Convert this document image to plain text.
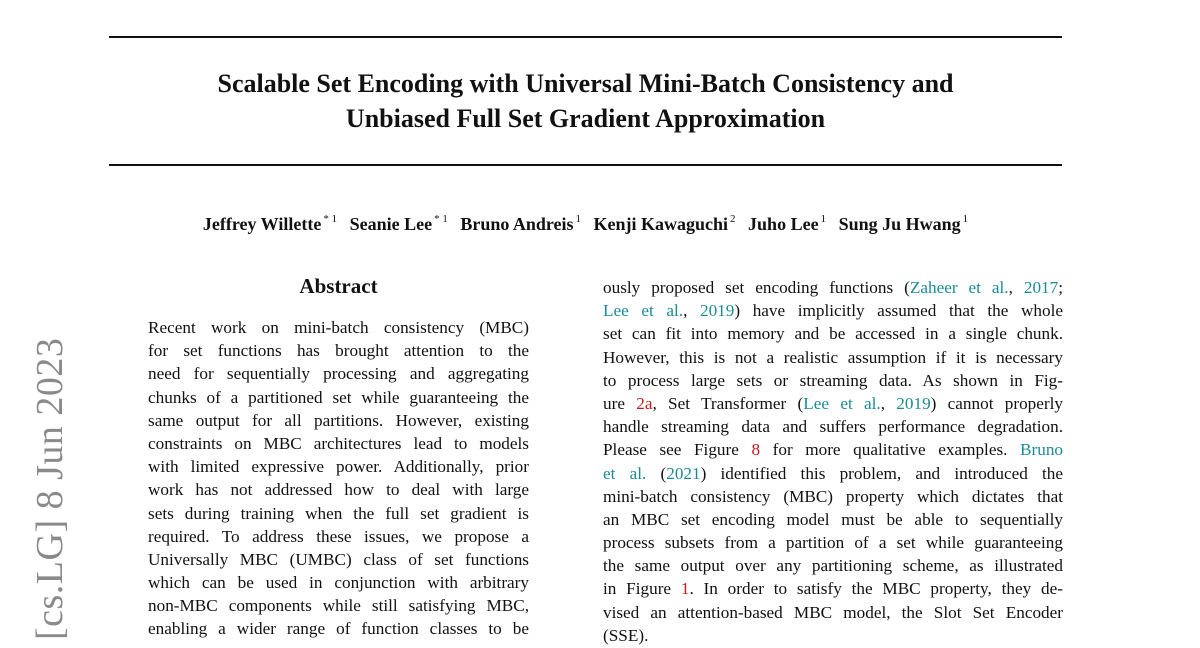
Scalable Set Encoding with Universal Mini-Batch Consistency and
Unbiased Full Set Gradient Approximation
Jeffrey Willette $^{* 1}$ Seanie Lee $^{* 1}$ Bruno Andreis $^1$ Kenji Kawaguchi $^2$ Juho Lee $^1$ Sung Ju Hwang $^1$
[cs.LG] 8 Jun 2023
Abstract
Recent work on mini-batch consistency (MBC)
for set functions has brought attention to the
need for sequentially processing and aggregating
chunks of a partitioned set while guaranteeing the
same output for all partitions. However, existing
constraints on MBC architectures lead to models
with limited expressive power. Additionally, prior
work has not addressed how to deal with large
sets during training when the full set gradient is
required. To address these issues, we propose a
Universally MBC (UMBC) class of set functions
which can be used in conjunction with arbitrary
non-MBC components while still satisfying MBC,
enabling a wider range of function classes to be
ously proposed set encoding functions (Zaheer et al., 2017;
Lee et al., 2019) have implicitly assumed that the whole
set can fit into memory and be accessed in a single chunk.
However, this is not a realistic assumption if it is necessary
to process large sets or streaming data. As shown in Fig-
ure 2a, Set Transformer (Lee et al., 2019) cannot properly
handle streaming data and suffers performance degradation.
Please see Figure 8 for more qualitative examples. Bruno
et al. (2021) identified this problem, and introduced the
mini-batch consistency (MBC) property which dictates that
an MBC set encoding model must be able to sequentially
process subsets from a partition of a set while guaranteeing
the same output over any partitioning scheme, as illustrated
in Figure 1. In order to satisfy the MBC property, they de-
vised an attention-based MBC model, the Slot Set Encoder
(SSE).
